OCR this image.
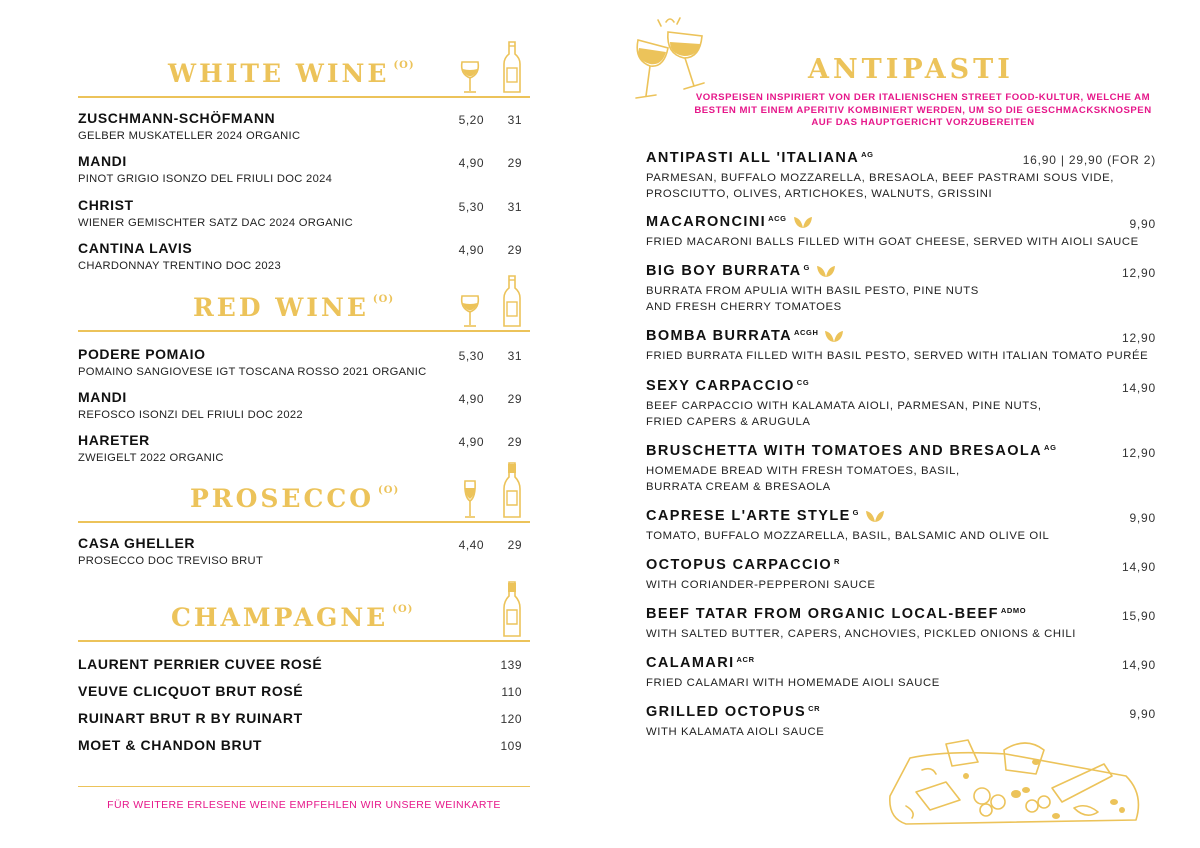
WHITE WINE $^{(O)}$
ZUSCHMANN-SCHÖFMANN
GELBER MUSKATELLER 2024 ORGANIC
5,20 31
MANDI
PINOT GRIGIO ISONZO DEL FRIULI DOC 2024
4,90 29
CHRIST
WIENER GEMISCHTER SATZ DAC 2024 ORGANIC
5,30 31
CANTINA LAVIS
CHARDONNAY TRENTINO DOC 2023
4,90 29
RED WINE $^{(O)}$
PODERE POMAIO
POMAINO SANGIOVESE IGT TOSCANA ROSSO 2021 ORGANIC
5,30 31
MANDI
REFOSCO ISONZI DEL FRIULI DOC 2022
4,90 29
HARETER
ZWEIGELT 2022 ORGANIC
4,90 29
PROSECCO $^{(O)}$
CASA GHELLER
PROSECCO DOC TREVISO BRUT
4,40 29
CHAMPAGNE $^{(O)}$
LAURENT PERRIER CUVEE ROSÉ	139
VEUVE CLICQUOT BRUT ROSÉ	110
RUINART BRUT R BY RUINART	120
MOET & CHANDON BRUT	109
FÜR WEITERE ERLESENE WEINE EMPFEHLEN WIR UNSERE WEINKARTE
ANTIPASTI
VORSPEISEN INSPIRIERT VON DER ITALIENISCHEN STREET FOOD-KULTUR, WELCHE AM BESTEN MIT EINEM APERITIV KOMBINIERT WERDEN, UM SO DIE GESCHMACKSKNOSPEN AUF DAS HAUPTGERICHT VORZUBEREITEN
ANTIPASTI ALL 'ITALIANA $^{AG}$	16,90 | 29,90 (FOR 2)
PARMESAN, BUFFALO MOZZARELLA, BRESAOLA, BEEF PASTRAMI SOUS VIDE,
PROSCIUTTO, OLIVES, ARTICHOKES, WALNUTS, GRISSINI
MACARONCINI $^{ACG}$	9,90
FRIED MACARONI BALLS FILLED WITH GOAT CHEESE, SERVED WITH AIOLI SAUCE
BIG BOY BURRATA $^G$	12,90
BURRATA FROM APULIA WITH BASIL PESTO, PINE NUTS
AND FRESH CHERRY TOMATOES
BOMBA BURRATA $^{ACGH}$	12,90
FRIED BURRATA FILLED WITH BASIL PESTO, SERVED WITH ITALIAN TOMATO PURÉE
SEXY CARPACCIO $^{CG}$	14,90
BEEF CARPACCIO WITH KALAMATA AIOLI, PARMESAN, PINE NUTS,
FRIED CAPERS & ARUGULA
BRUSCHETTA WITH TOMATOES AND BRESAOLA $^{AG}$	12,90
HOMEMADE BREAD WITH FRESH TOMATOES, BASIL,
BURRATA CREAM & BRESAOLA
CAPRESE L'ARTE STYLE $^G$	9,90
TOMATO, BUFFALO MOZZARELLA, BASIL, BALSAMIC AND OLIVE OIL
OCTOPUS CARPACCIO $^R$	14,90
WITH CORIANDER-PEPPERONI SAUCE
BEEF TATAR FROM ORGANIC LOCAL-BEEF $^{ADMO}$	15,90
WITH SALTED BUTTER, CAPERS, ANCHOVIES, PICKLED ONIONS & CHILI
CALAMARI $^{ACR}$	14,90
FRIED CALAMARI WITH HOMEMADE AIOLI SAUCE
GRILLED OCTOPUS $^{CR}$	9,90
WITH KALAMATA AIOLI SAUCE
